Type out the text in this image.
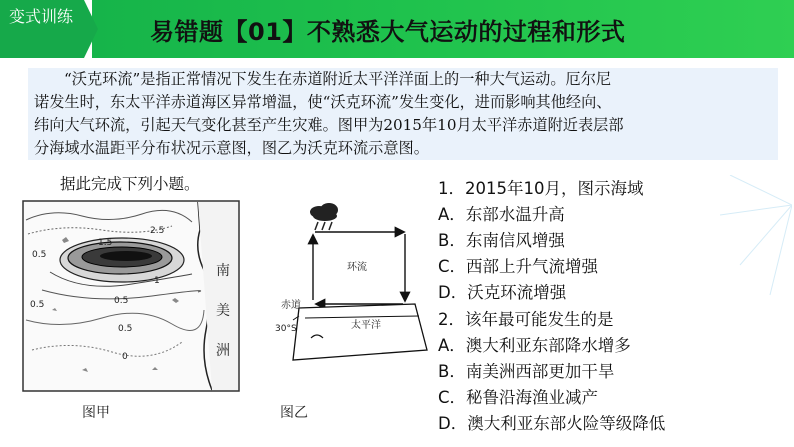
变式训练
易错题【01】不熟悉大气运动的过程和形式
“沃克环流”是指正常情况下发生在赤道附近太平洋洋面上的一种大气运动。厄尔尼
诺发生时，东太平洋赤道海区异常增温，使“沃克环流”发生变化，进而影响其他经向、
纬向大气环流，引起天气变化甚至产生灾难。图甲为2015年10月太平洋赤道附近表层部
分海域水温距平分布状况示意图，图乙为沃克环流示意图。
据此完成下列小题。
2.5
1.5
1
0.5
0.5	0.5
0.5
0
南
美
洲
图甲
环流
赤道
太平洋
30°S
图乙
1．2015年10月，图示海域
A．东部水温升高
B．东南信风增强
C．西部上升气流增强
D．沃克环流增强
2．该年最可能发生的是
A．澳大利亚东部降水增多
B．南美洲西部更加干旱
C．秘鲁沿海渔业减产
D．澳大利亚东部火险等级降低
